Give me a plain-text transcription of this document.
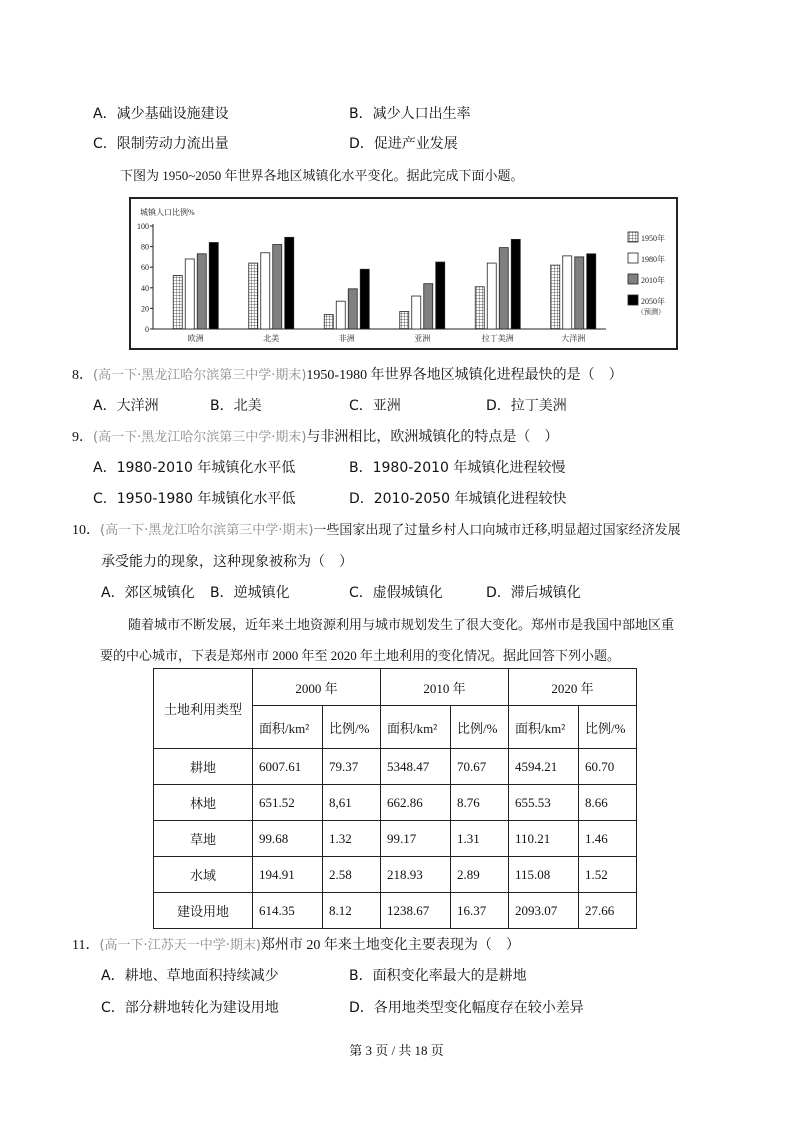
A．减少基础设施建设	B．减少人口出生率
C．限制劳动力流出量	D．促进产业发展
下图为 1950~2050 年世界各地区城镇化水平变化。据此完成下面小题。
城镇人口比例%
0
20
40
60
80
100
欧洲	北美	非洲	亚洲	拉丁美洲	大洋洲
1950年
1980年
2010年
2050年
（预测）
8．(高一下·黑龙江哈尔滨第三中学·期末)1950-1980 年世界各地区城镇化进程最快的是（　）
A．大洋洲	B．北美	C．亚洲	D．拉丁美洲
9．(高一下·黑龙江哈尔滨第三中学·期末)与非洲相比，欧洲城镇化的特点是（　）
A．1980-2010 年城镇化水平低	B．1980-2010 年城镇化进程较慢
C．1950-1980 年城镇化水平低	D．2010-2050 年城镇化进程较快
10．(高一下·黑龙江哈尔滨第三中学·期末)一些国家出现了过量乡村人口向城市迁移,明显超过国家经济发展
承受能力的现象，这种现象被称为（　）
A．郊区城镇化 B．逆城镇化	C．虚假城镇化	D．滞后城镇化
随着城市不断发展，近年来土地资源利用与城市规划发生了很大变化。郑州市是我国中部地区重
要的中心城市，下表是郑州市 2000 年至 2020 年土地利用的变化情况。据此回答下列小题。
土地利用类型	2000 年		2010 年		2020 年	
	面积/km²	比例/%	面积/km²	比例/%	面积/km²	比例/%
耕地	6007.61	79.37	5348.47	70.67	4594.21	60.70
林地	651.52	8,61	662.86	8.76	655.53	8.66
草地	99.68	1.32	99.17	1.31	110.21	1.46
水域	194.91	2.58	218.93	2.89	115.08	1.52
建设用地	614.35	8.12	1238.67	16.37	2093.07	27.66
11．(高一下·江苏天一中学·期末)郑州市 20 年来土地变化主要表现为（　）
A．耕地、草地面积持续减少	B．面积变化率最大的是耕地
C．部分耕地转化为建设用地	D．各用地类型变化幅度存在较小差异
第 3 页 / 共 18 页
